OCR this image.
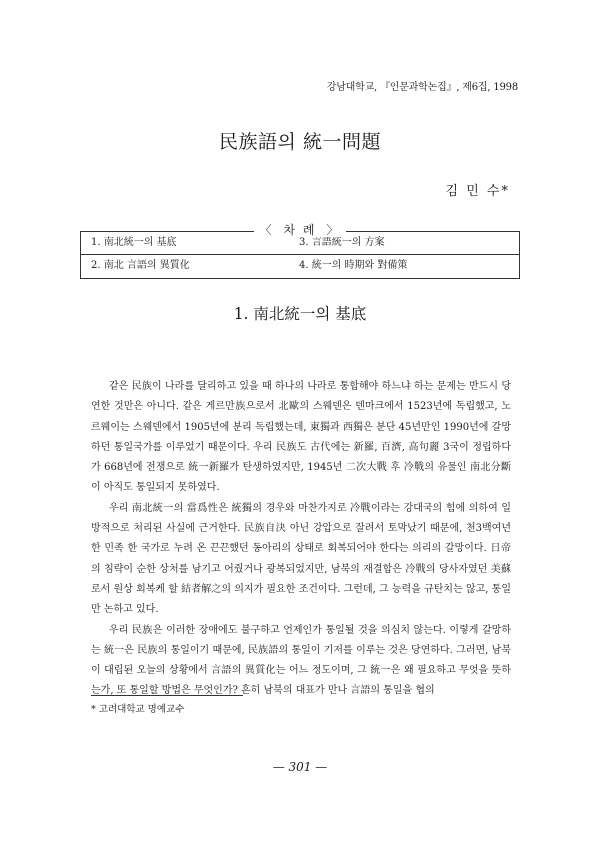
강남대학교, 『인문과학논집』, 제6집, 1998
民族語의 統一問題
김 민 수*
1. 南北統一의 基底	3. 言語統一의 方案
2. 南北 言語의 異質化	4. 統一의 時期와 對備策
〈 차 례 〉
1. 南北統一의 基底

같은 民族이 나라를 달리하고 있을 때 하나의 나라로 통합해야 하느냐 하는 문제는 반드시 당연한 것만은 아니다. 같은 게르만族으로서 北歐의 스웨덴은 덴마크에서 1523년에 독립했고, 노르웨이는 스웨덴에서 1905년에 분리 독립했는데, 東獨과 西獨은 분단 45년만인 1990년에 갈망하던 통일국가를 이루었기 때문이다. 우리 民族도 古代에는 新羅, 百濟, 高句麗 3국이 정립하다가 668년에 전쟁으로 統一新羅가 탄생하였지만, 1945년 二次大戰 후 冷戰의 유물인 南北分斷이 아직도 통일되지 못하였다.

우리 南北統一의 當爲性은 統獨의 경우와 마찬가지로 冷戰이라는 강대국의 힘에 의하여 일방적으로 처리된 사실에 근거한다. 民族自決 아닌 강압으로 잘려서 토막났기 때문에, 천3백여년 한 민족 한 국가로 누려 온 끈끈했던 동아리의 상태로 회복되어야 한다는 의리의 갈망이다. 日帝의 침략이 순한 상처를 남기고 어줬거나 광복되었지만, 남북의 재결합은 冷戰의 당사자였던 美蘇로서 원상 회복케 할 結者解之의 의지가 필요한 조건이다. 그런데, 그 능력을 규탄치는 않고, 통일만 논하고 있다.

우리 民族은 이러한 장애에도 불구하고 언제인가 통일될 것을 의심치 않는다. 이렇게 갈망하는 統一은 民族의 통일이기 때문에, 民族語의 통일이 기저를 이루는 것은 당연하다. 그러면, 남북이 대립된 오늘의 상황에서 言語의 異質化는 어느 정도이며, 그 統一은 왜 필요하고 무엇을 뜻하는가, 또 통일할 방법은 무엇인가? 흔히 남북의 대표가 만나 言語의 통일을 협의

* 고려대학교 명예교수
— 301 —
